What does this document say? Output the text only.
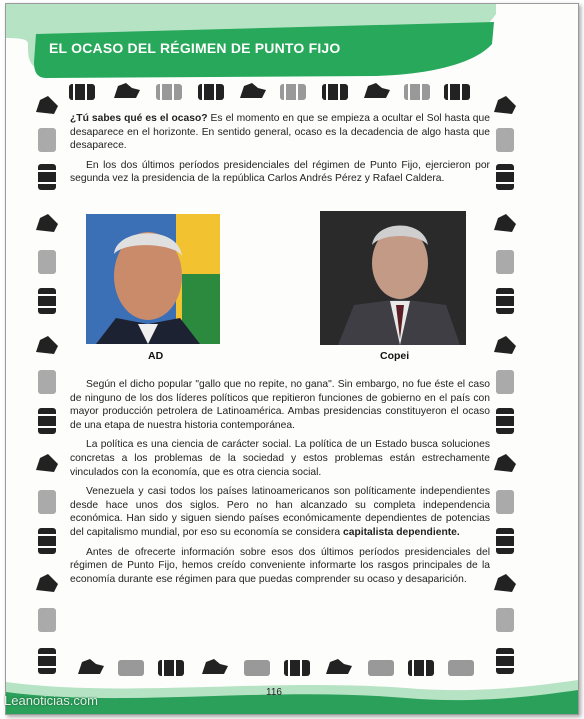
EL OCASO DEL RÉGIMEN DE PUNTO FIJO

¿Tú sabes qué es el ocaso? Es el momento en que se empieza a ocultar el Sol hasta que desaparece en el horizonte. En sentido general, ocaso es la decadencia de algo hasta que desaparece.

En los dos últimos períodos presidenciales del régimen de Punto Fijo, ejercieron por segunda vez la presidencia de la república Carlos Andrés Pérez y Rafael Caldera.

AD	Copei

Según el dicho popular "gallo que no repite, no gana". Sin embargo, no fue éste el caso de ninguno de los dos líderes políticos que repitieron funciones de gobierno en el país con mayor producción petrolera de Latinoamérica. Ambas presidencias constituyeron el ocaso de una etapa de nuestra historia contemporánea.

La política es una ciencia de carácter social. La política de un Estado busca soluciones concretas a los problemas de la sociedad y estos problemas están estrechamente vinculados con la economía, que es otra ciencia social.

Venezuela y casi todos los países latinoamericanos son políticamente independientes desde hace unos dos siglos. Pero no han alcanzado su completa independencia económica. Han sido y siguen siendo países económicamente dependientes de potencias del capitalismo mundial, por eso su economía se considera capitalista dependiente.

Antes de ofrecerte información sobre esos dos últimos períodos presidenciales del régimen de Punto Fijo, hemos creído conveniente informarte los rasgos principales de la economía durante ese régimen para que puedas comprender su ocaso y desaparición.

116
Leanoticias.com
